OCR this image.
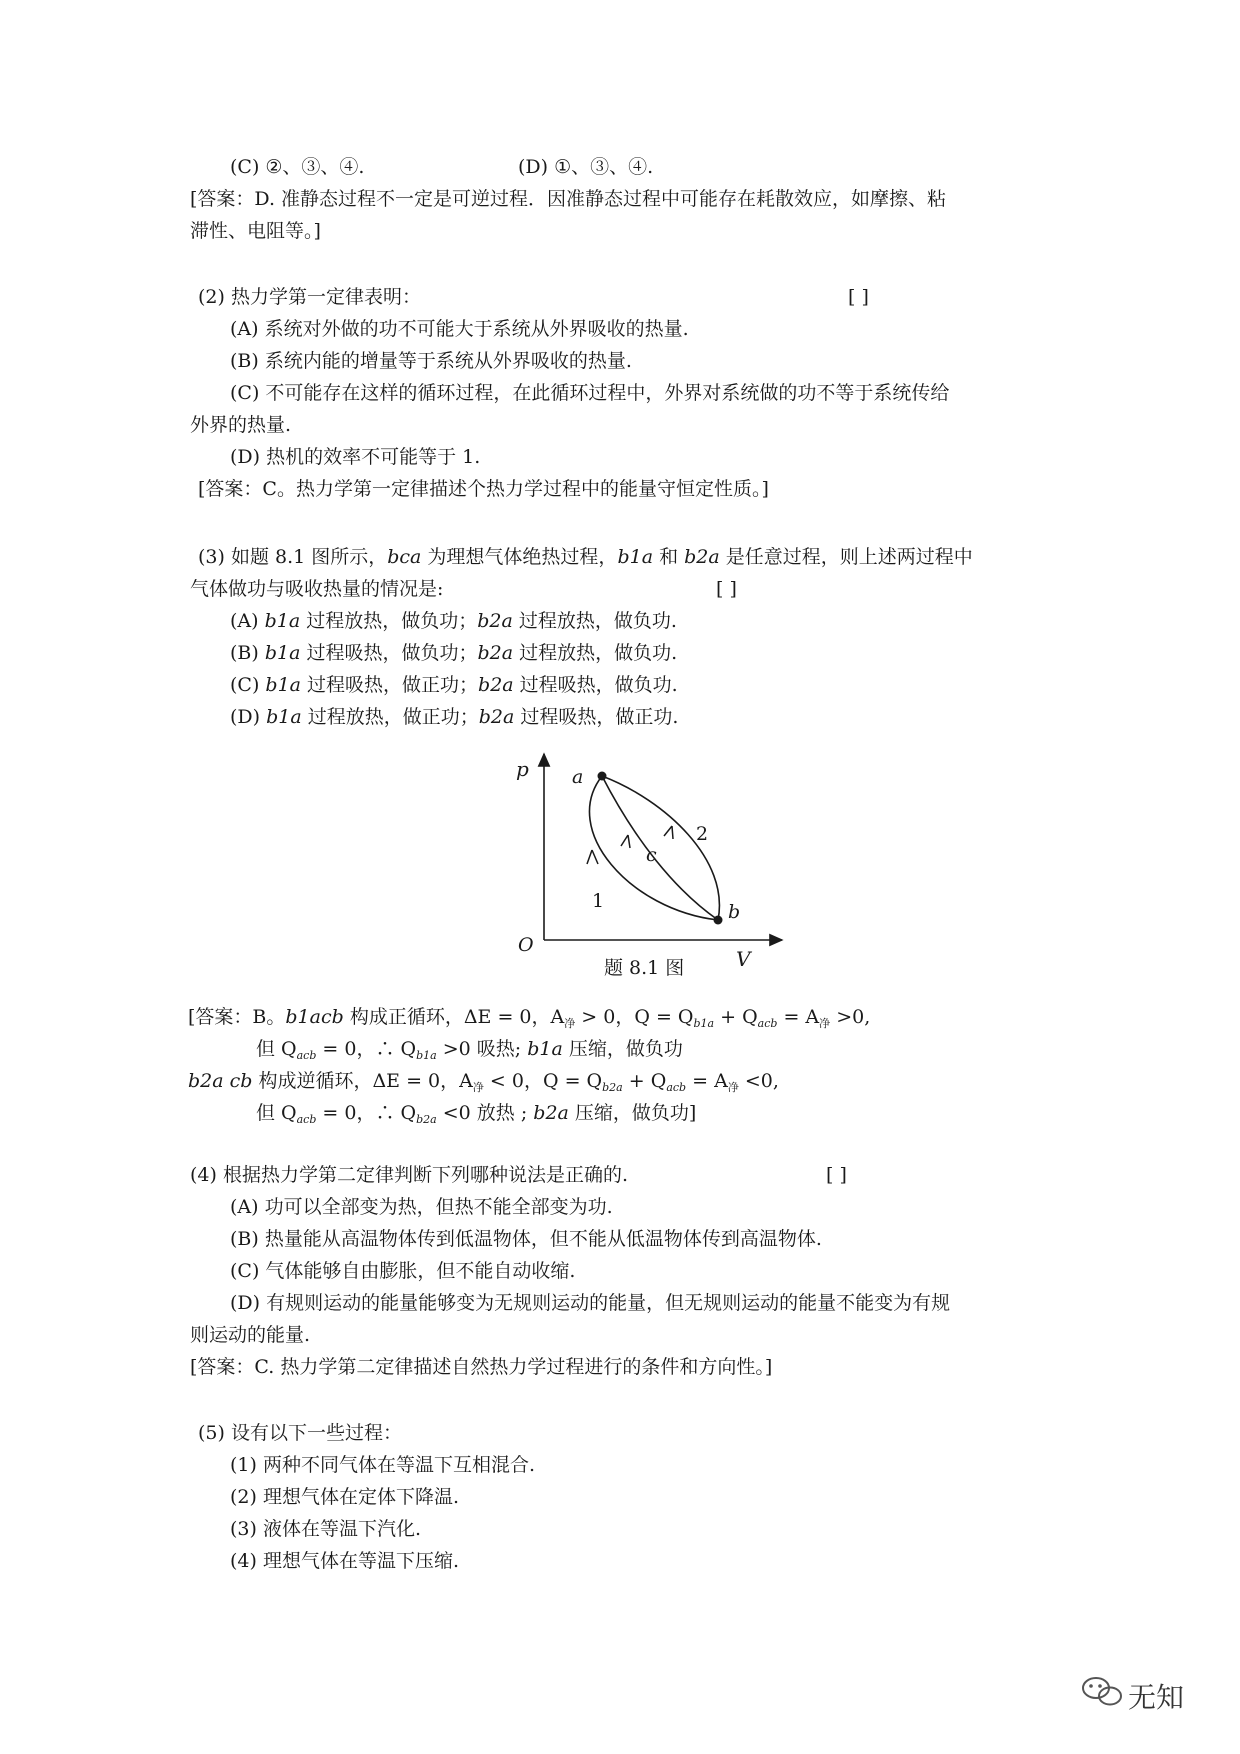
(C) ②、③、④.	(D) ①、③、④.
[答案：D. 准静态过程不一定是可逆过程．因准静态过程中可能存在耗散效应，如摩擦、粘
滞性、电阻等。]
(2) 热力学第一定律表明：	[ ]
(A) 系统对外做的功不可能大于系统从外界吸收的热量.
(B) 系统内能的增量等于系统从外界吸收的热量.
(C) 不可能存在这样的循环过程，在此循环过程中，外界对系统做的功不等于系统传给
外界的热量.
(D) 热机的效率不可能等于 1.
[答案：C。热力学第一定律描述个热力学过程中的能量守恒定性质。]
(3) 如题 8.1 图所示，bca 为理想气体绝热过程，b1a 和 b2a 是任意过程，则上述两过程中
气体做功与吸收热量的情况是:	[ ]
(A) b1a 过程放热，做负功；b2a 过程放热，做负功.
(B) b1a 过程吸热，做负功；b2a 过程放热，做负功.
(C) b1a 过程吸热，做正功；b2a 过程吸热，做负功.
(D) b1a 过程放热，做正功；b2a 过程吸热，做正功.
p
V
O
a
b
c
1
2
题 8.1 图
[答案：B。b1acb 构成正循环，ΔE = 0，$A_净 > 0$，$Q = Q_{b1a} + Q_{acb} = A_净 >0$,
但 $Q_{acb} = 0$，∴ $Q_{b1a} >0$ 吸热; b1a 压缩，做负功
b2a cb 构成逆循环，ΔE = 0，$A_净 < 0$，$Q = Q_{b2a} + Q_{acb} = A_净 <0$,
但 $Q_{acb} = 0$，∴ $Q_{b2a} <0$ 放热 ; b2a 压缩，做负功]
(4) 根据热力学第二定律判断下列哪种说法是正确的.	[ ]
(A) 功可以全部变为热，但热不能全部变为功.
(B) 热量能从高温物体传到低温物体，但不能从低温物体传到高温物体.
(C) 气体能够自由膨胀，但不能自动收缩.
(D) 有规则运动的能量能够变为无规则运动的能量，但无规则运动的能量不能变为有规
则运动的能量.
[答案：C. 热力学第二定律描述自然热力学过程进行的条件和方向性。]
(5) 设有以下一些过程：
(1) 两种不同气体在等温下互相混合.
(2) 理想气体在定体下降温.
(3) 液体在等温下汽化.
(4) 理想气体在等温下压缩.
无知
